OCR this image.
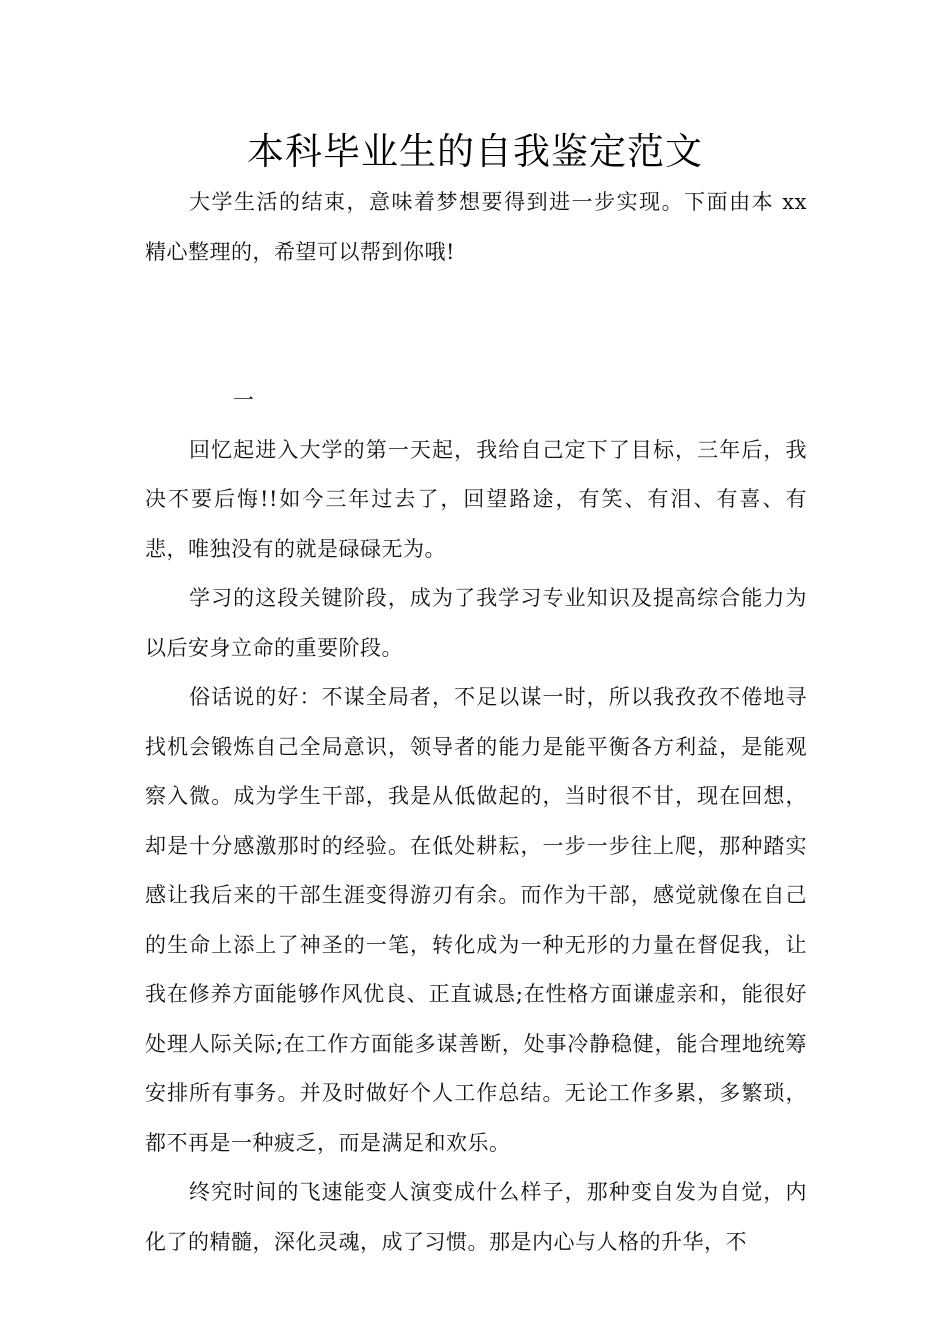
本科毕业生的自我鉴定范文

大学生活的结束，意味着梦想要得到进一步实现。下面由本 xx 精心整理的，希望可以帮到你哦!

一

回忆起进入大学的第一天起，我给自己定下了目标，三年后，我决不要后悔!!如今三年过去了，回望路途，有笑、有泪、有喜、有悲，唯独没有的就是碌碌无为。

学习的这段关键阶段，成为了我学习专业知识及提高综合能力为以后安身立命的重要阶段。

俗话说的好：不谋全局者，不足以谋一时，所以我孜孜不倦地寻找机会锻炼自己全局意识，领导者的能力是能平衡各方利益，是能观察入微。成为学生干部，我是从低做起的，当时很不甘，现在回想，却是十分感激那时的经验。在低处耕耘，一步一步往上爬，那种踏实感让我后来的干部生涯变得游刃有余。而作为干部，感觉就像在自己的生命上添上了神圣的一笔，转化成为一种无形的力量在督促我，让我在修养方面能够作风优良、正直诚恳;在性格方面谦虚亲和，能很好处理人际关际;在工作方面能多谋善断，处事冷静稳健，能合理地统筹安排所有事务。并及时做好个人工作总结。无论工作多累，多繁琐，都不再是一种疲乏，而是满足和欢乐。

终究时间的飞速能变人演变成什么样子，那种变自发为自觉，内化了的精髓，深化灵魂，成了习惯。那是内心与人格的升华，不
